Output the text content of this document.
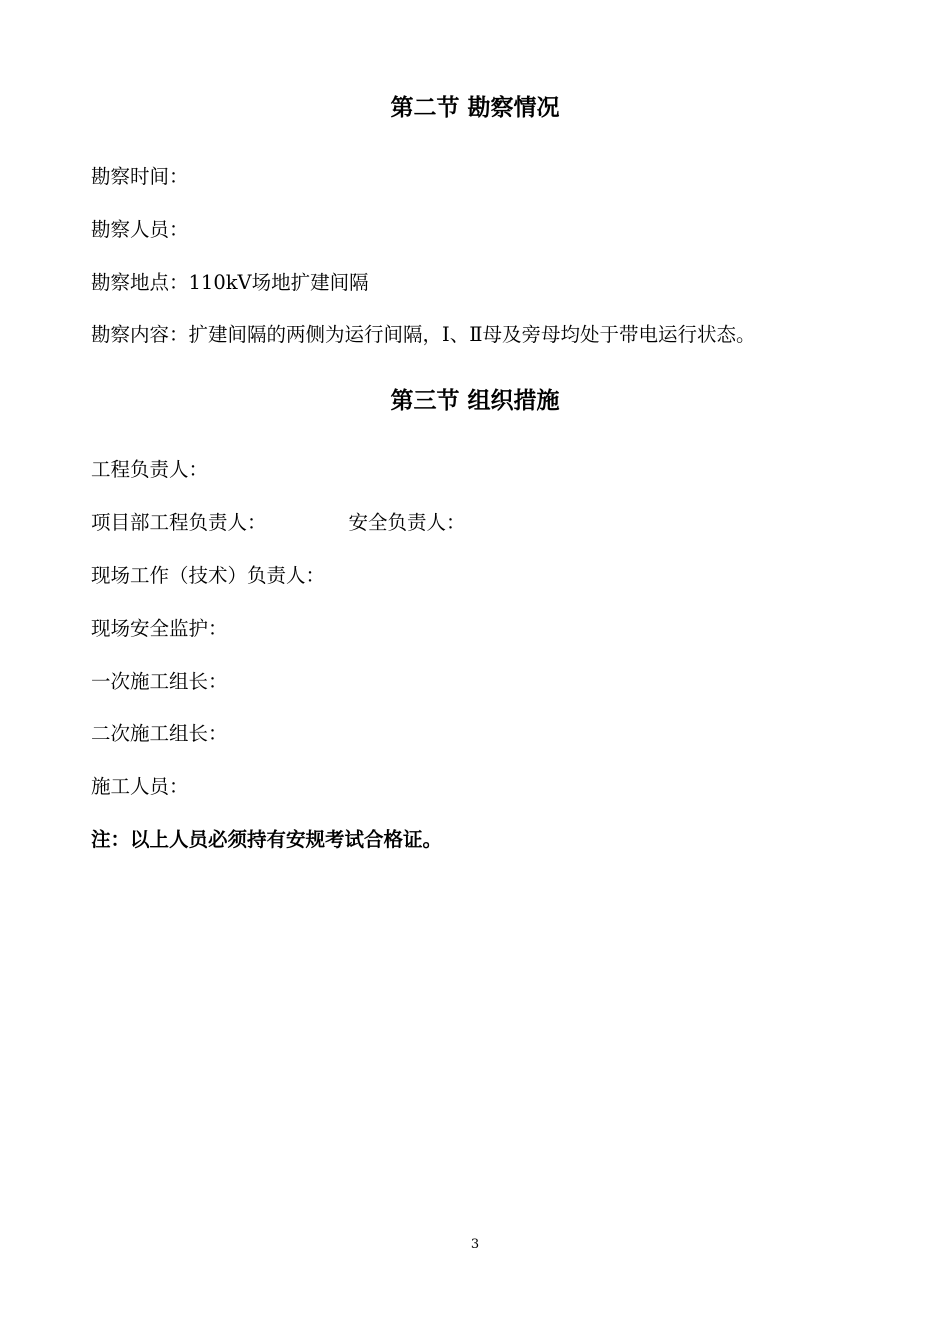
第二节 勘察情况

勘察时间：

勘察人员：

勘察地点：110kV场地扩建间隔

勘察内容：扩建间隔的两侧为运行间隔，Ⅰ、Ⅱ母及旁母均处于带电运行状态。

第三节 组织措施

工程负责人：

项目部工程负责人：	安全负责人：

现场工作（技术）负责人：

现场安全监护：

一次施工组长：

二次施工组长：

施工人员：

注：以上人员必须持有安规考试合格证。

3
